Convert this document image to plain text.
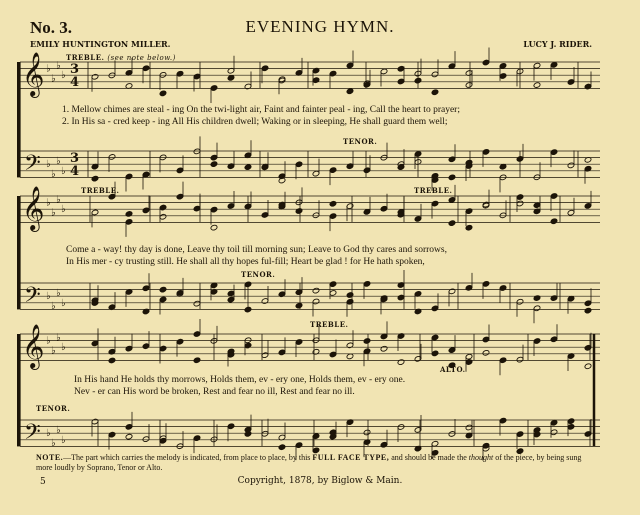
No. 3.	EVENING HYMN.
EMILY HUNTINGTON MILLER.	LUCY J. RIDER.
𝄞
𝄢
♭
♭
♭
♭
♭
♭
♭
♭
3
3
4
4
𝄞
𝄢
♭
♭
♭
♭
♭
♭
♭
♭
𝄞
𝄢
♭
♭
♭
♭
♭
♭
♭
♭
TREBLE. (see note below.)
TENOR.
TREBLE.	TREBLE.
TENOR.
TREBLE.
ALTO.
TENOR.
1. Mellow chimes are steal - ing On the twi-light air, Faint and fainter peal - ing, Call the heart to prayer;
2. In His sa - cred keep - ing All His children dwell; Waking or in sleeping, He shall guard them well;
Come a - way! thy day is done, Leave thy toil till morning sun; Leave to God thy cares and sorrows,
In His mer - cy trusting still. He shall all thy hopes ful-fill; Heart be glad ! for He hath spoken,
In His hand He holds thy morrows, Holds them, ev - ery one, Holds them, ev - ery one.
Nev - er can His word be broken, Rest and fear no ill, Rest and fear no ill.
NOTE.—The part which carries the melody is indicated, from place to place, by this FULL FACE TYPE, and should be made the thought of the piece, by being sung more loudly by Soprano, Tenor or Alto.
5	Copyright, 1878, by Biglow & Main.
